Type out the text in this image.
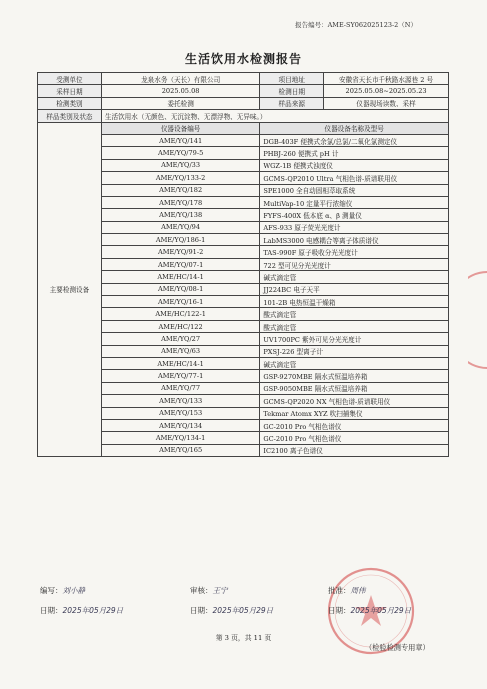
报告编号：AME-SY062025123-2（N）
生活饮用水检测报告
受测单位	龙泉水务（天长）有限公司	项目地址	安徽省天长市千秋路水源巷 2 号
采样日期	2025.05.08	检测日期	2025.05.08~2025.05.23
检测类别	委托检测	样品来源	仪器现场读数、采样
样品类别及状态	生活饮用水（无颜色、无沉淀物、无漂浮物、无异味。）		
主要检测设备	仪器设备编号	仪器设备名称及型号	
	AME/YQ/141	DGB-403F 便携式余氯/总氯/二氧化氯测定仪	
	AME/YQ/79-5	PHBJ-260 便携式 pH 计	
	AME/YQ/33	WGZ-1B 便携式浊度仪	
	AME/YQ/133-2	GCMS-QP2010 Ultra 气相色谱-质谱联用仪	
	AME/YQ/182	SPE1000 全自动固相萃取系统	
	AME/YQ/178	MultiVap-10 定量平行浓缩仪	
	AME/YQ/138	FYFS-400X 低本底 α、β 测量仪	
	AME/YQ/94	AFS-933 原子荧光光度计	
	AME/YQ/186-1	LabMS3000 电感耦合等离子体质谱仪	
	AME/YQ/91-2	TAS-990F 原子吸收分光光度计	
	AME/YQ/07-1	722 型可见分光光度计	
	AME/HC/14-1	碱式滴定管	
	AME/YQ/08-1	JJ224BC 电子天平	
	AME/YQ/16-1	101-2B 电热恒温干燥箱	
	AME/HC/122-1	酸式滴定管	
	AME/HC/122	酸式滴定管	
	AME/YQ/27	UV1700PC 紫外可见分光光度计	
	AME/YQ/63	PXSJ-226 型离子计	
	AME/HC/14-1	碱式滴定管	
	AME/YQ/77-1	GSP-9270MBE 隔水式恒温培养箱	
	AME/YQ/77	GSP-9050MBE 隔水式恒温培养箱	
	AME/YQ/133	GCMS-QP2020 NX 气相色谱-质谱联用仪	
	AME/YQ/153	Tekmar Atomx XYZ 吹扫捕集仪	
	AME/YQ/134	GC-2010 Pro 气相色谱仪	
	AME/YQ/134-1	GC-2010 Pro 气相色谱仪	
	AME/YQ/165	IC2100 离子色谱仪	
编写：刘小静	审核：王宁	批准：周伟
日期：2025年05月29日	日期：2025年05月29日	日期：2025年05月29日
第 3 页，共 11 页
（检验检测专用章）
